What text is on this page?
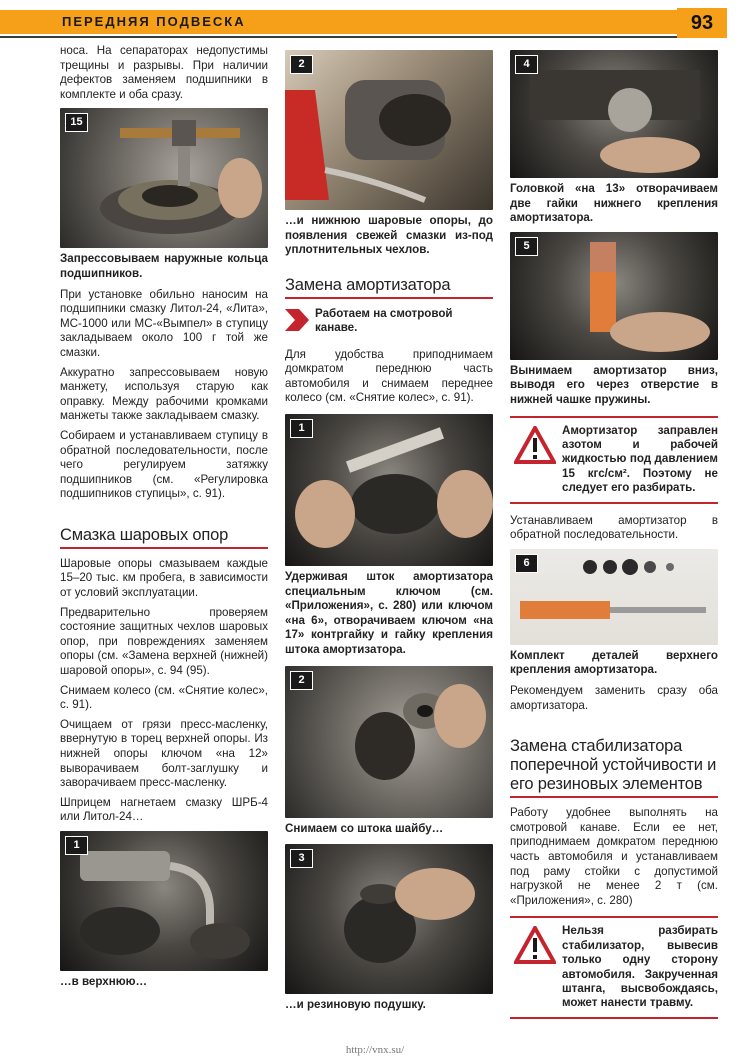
ПЕРЕДНЯЯ ПОДВЕСКА	93

носа. На сепараторах недопустимы трещины и разрывы. При наличии дефектов заменяем подшипники в комплекте и оба сразу.

15
Запрессовываем наружные кольца подшипников.

При установке обильно наносим на подшипники смазку Литол-24, «Лита», МС-1000 или МС-«Вымпел» в ступицу закладываем около 100 г той же смазки.

Аккуратно запрессовываем новую манжету, используя старую как оправку. Между рабочими кромками манжеты также закладываем смазку.

Собираем и устанавливаем ступицу в обратной последовательности, после чего регулируем затяжку подшипников (см. «Регулировка подшипников ступицы», с. 91).

Смазка шаровых опор

Шаровые опоры смазываем каждые 15–20 тыс. км пробега, в зависимости от условий эксплуатации.

Предварительно проверяем состояние защитных чехлов шаровых опор, при повреждениях заменяем опоры (см. «Замена верхней (нижней) шаровой опоры», с. 94 (95).

Снимаем колесо (см. «Снятие колес», с. 91).

Очищаем от грязи пресс-масленку, ввернутую в торец верхней опоры. Из нижней опоры ключом «на 12» выворачиваем болт-заглушку и заворачиваем пресс-масленку.

Шприцем нагнетаем смазку ШРБ-4 или Литол-24…

1
…в верхнюю…
2
…и нижнюю шаровые опоры, до появления свежей смазки из-под уплотнительных чехлов.
Замена амортизатора
Работаем на смотровой канаве.

Для удобства приподнимаем домкратом переднюю часть автомобиля и снимаем переднее колесо (см. «Снятие колес», с. 91).

1
Удерживая шток амортизатора специальным ключом (см. «Приложения», с. 280) или ключом «на 6», отворачиваем ключом «на 17» контргайку и гайку крепления штока амортизатора.
2
Снимаем со штока шайбу…
3
…и резиновую подушку.
4
Головкой «на 13» отворачиваем две гайки нижнего крепления амортизатора.
5
Вынимаем амортизатор вниз, выводя его через отверстие в нижней чашке пружины.
Амортизатор заправлен азотом и рабочей жидкостью под давлением 15 кгс/см². Поэтому не следует его разбирать.

Устанавливаем амортизатор в обратной последовательности.

6
Комплект деталей верхнего крепления амортизатора.

Рекомендуем заменить сразу оба амортизатора.

Замена стабилизатора поперечной устойчивости и его резиновых элементов

Работу удобнее выполнять на смотровой канаве. Если ее нет, приподнимаем домкратом переднюю часть автомобиля и устанавливаем под раму стойки с допустимой нагрузкой не менее 2 т (см. «Приложения», с. 280)

Нельзя разбирать стабилизатор, вывесив только одну сторону автомобиля. Закрученная штанга, высвобождаясь, может нанести травму.
http://vnx.su/
